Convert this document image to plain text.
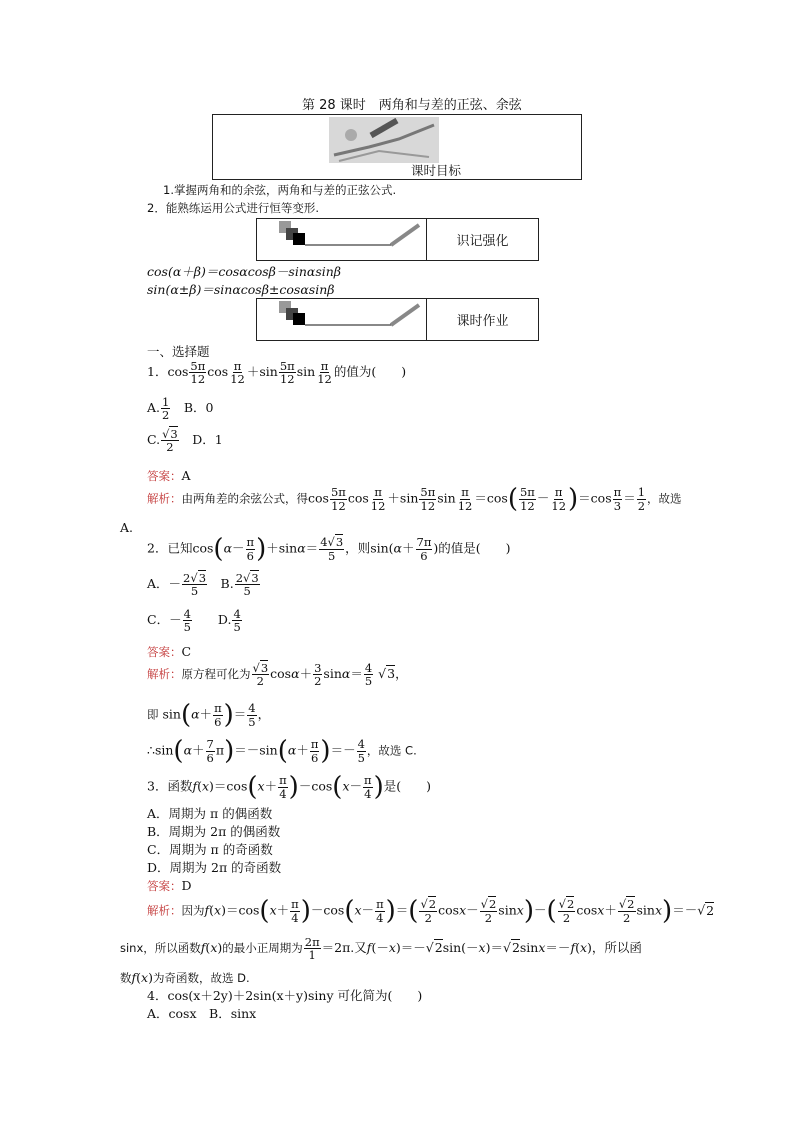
第 28 课时　两角和与差的正弦、余弦
课时目标
1.掌握两角和的余弦，两角和与差的正弦公式.
2．能熟练运用公式进行恒等变形.
识记强化
cos(α＋β)＝cosαcosβ－sinαsinβ
sin(α±β)＝sinαcosβ±cosαsinβ
课时作业
一、选择题
1．$\cos \frac{5\pi}{12}$ $\cos \frac{\pi}{12} +\sin \frac{5\pi}{12}$ $\sin \frac{\pi}{12}$ 的值为(　　)
A. $\frac{1}{2}$
　 B．0
C. $\frac{√3}{2}$
　 D．1
答案：A
解析：由两角差的余弦公式，得$\cos \frac{5\pi}{12}$ $\cos \frac{\pi}{12} +\sin \frac{5\pi}{12}$ $\sin \frac{\pi}{12} =\cos( \frac{5\pi}{12} - \frac{\pi}{12} )=\cos \frac{\pi}{3} = \frac{1}{2}$ ，故选
A.
2．已知$\cos(\alpha- \frac{\pi}{6} )+\sin\alpha= \frac{4√3}{5}$ ，则$\sin(\alpha+ \frac{7\pi}{6}$ )的值是(　　)
A．－ $\frac{2√3}{5}$
　 B. $\frac{2√3}{5}$
C．－ $\frac{4}{5}$
　　 D. $\frac{4}{5}$
答案：C
解析：原方程可化为 $\frac{√3}{2} \cos\alpha+ \frac{3}{2} \sin\alpha= \frac{4}{5} √3$，
即 $\sin(\alpha+ \frac{\pi}{6}$ )＝ $\frac{4}{5}$ ，
∴sin(α＋ $\frac{7}{6} \pi)=-\sin(\alpha+ \frac{\pi}{6}$ )＝－ $\frac{4}{5}$ ，故选 C.
3．函数$f(x)=\cos(x+ \frac{\pi}{4} )-\cos(x- \frac{\pi}{4}$ )是(　　)
A．周期为 π 的偶函数
B．周期为 2π 的偶函数
C．周期为 π 的奇函数
D．周期为 2π 的奇函数
答案：D
解析：因为$f(x)=\cos(x+ \frac{\pi}{4} )-\cos(x- \frac{\pi}{4}$ )＝( $\frac{√2}{2} \cos x- \frac{√2}{2} \sin x)-( \frac{√2}{2} \cos x+ \frac{√2}{2} \sin x)=-√2$
sinx，所以函数f(x)的最小正周期为 $\frac{2\pi}{1} =2\pi$.又f(－x)＝－√2sin(－x)＝√2sinx＝－f(x)，所以函
数f(x)为奇函数，故选 D.
4．cos(x＋2y)＋2sin(x＋y)siny 可化简为(　　)
A．cosx　B．sinx
